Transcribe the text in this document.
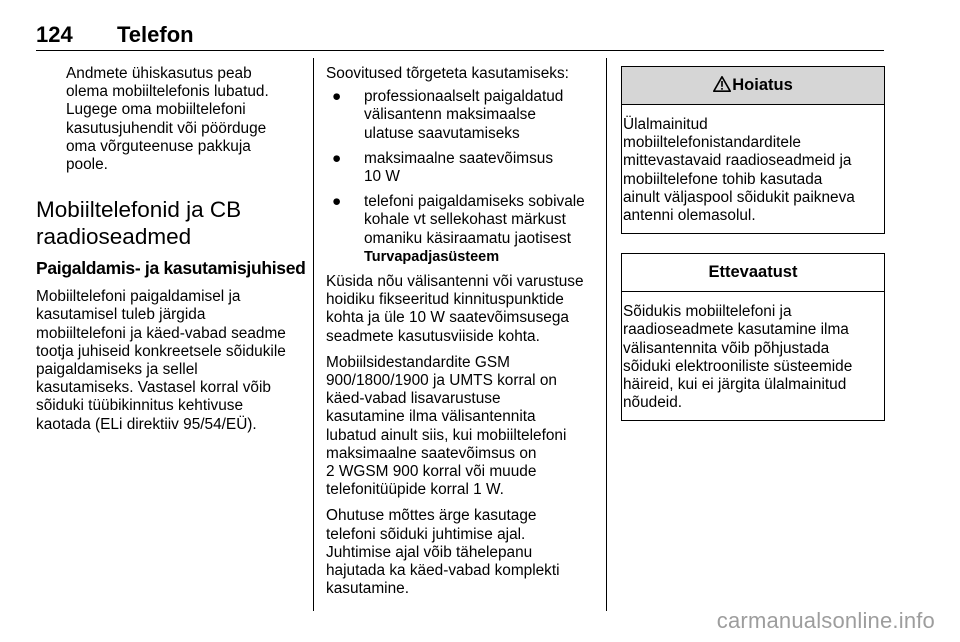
124 Telefon
Andmete ühiskasutus peab
olema mobiiltelefonis lubatud.
Lugege oma mobiiltelefoni
kasutusjuhendit või pöörduge
oma võrguteenuse pakkuja
poole.
Mobiiltelefonid ja CB
raadioseadmed
Paigaldamis- ja kasutamisjuhised
Mobiiltelefoni paigaldamisel ja
kasutamisel tuleb järgida
mobiiltelefoni ja käed-vabad seadme
tootja juhiseid konkreetsele sõidukile
paigaldamiseks ja sellel
kasutamiseks. Vastasel korral võib
sõiduki tüübikinnitus kehtivuse
kaotada (ELi direktiiv 95/54/EÜ).

Soovitused tõrgeteta kasutamiseks:

● professionaalselt paigaldatud
välisantenn maksimaalse
ulatuse saavutamiseks
● maksimaalne saatevõimsus
10 W
● telefoni paigaldamiseks sobivale
kohale vt sellekohast märkust
omaniku käsiraamatu jaotisest
Turvapadjasüsteem
Küsida nõu välisantenni või varustuse
hoidiku fikseeritud kinnituspunktide
kohta ja üle 10 W saatevõimsusega
seadmete kasutusviiside kohta.
Mobiilsidestandardite GSM
900/1800/1900 ja UMTS korral on
käed-vabad lisavarustuse
kasutamine ilma välisantennita
lubatud ainult siis, kui mobiiltelefoni
maksimaalne saatevõimsus on
2 WGSM 900 korral või muude
telefonitüüpide korral 1 W.
Ohutuse mõttes ärge kasutage
telefoni sõiduki juhtimise ajal.
Juhtimise ajal võib tähelepanu
hajutada ka käed-vabad komplekti
kasutamine.
Hoiatus

Ülalmainitud

mobiiltelefonistandarditele

mittevastavaid raadioseadmeid ja

mobiiltelefone tohib kasutada

ainult väljaspool sõidukit paikneva

antenni olemasolul.

Ettevaatust

Sõidukis mobiiltelefoni ja

raadioseadmete kasutamine ilma

välisantennita võib põhjustada

sõiduki elektrooniliste süsteemide

häireid, kui ei järgita ülalmainitud

nõudeid.

carmanualsonline.info
